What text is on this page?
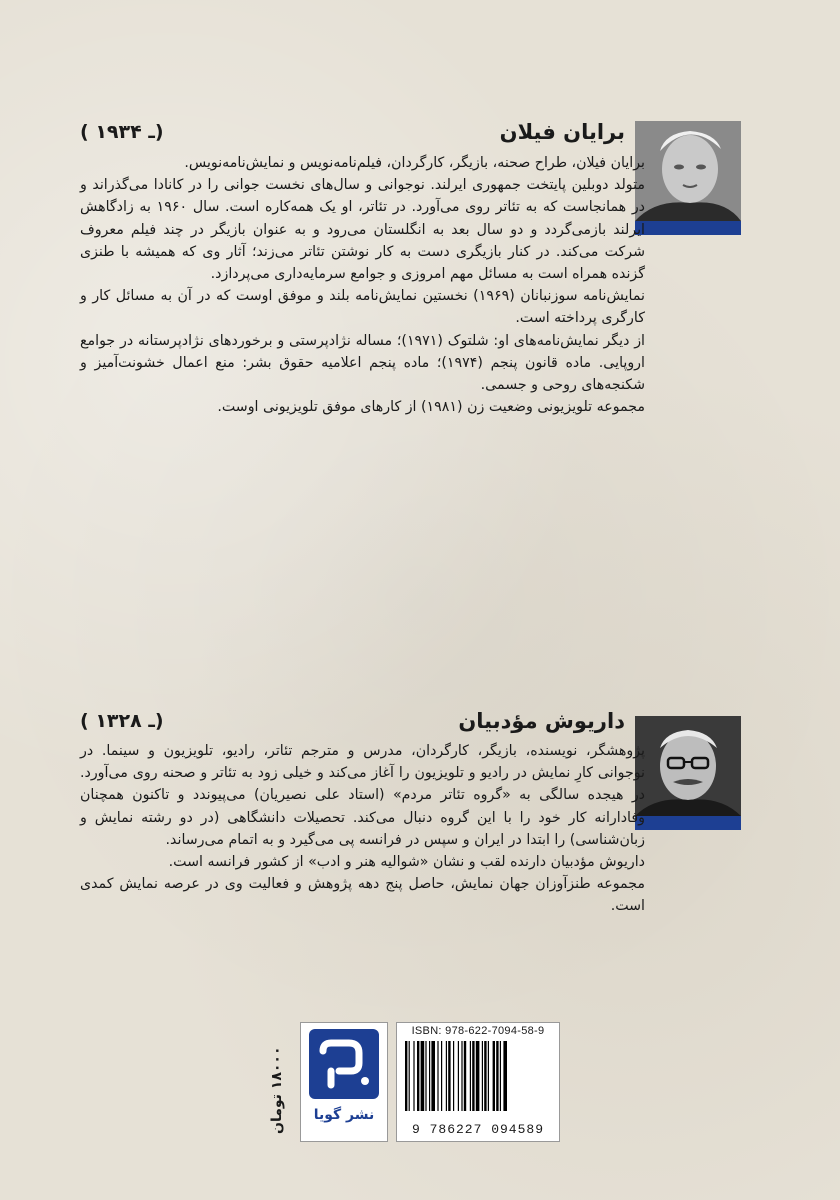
برایان فیلان
( ـ ۱۹۳۴)

برایان فیلان، طراح صحنه، بازیگر، کارگردان، فیلم‌نامه‌نویس و نمایش‌نامه‌نویس.

متولد دوبلین پایتخت جمهوری ایرلند. نوجوانی و سال‌های نخست جوانی را در کانادا می‌گذراند و در همانجاست که به تئاتر روی می‌آورد. در تئاتر، او یک همه‌کاره است. سال ۱۹۶۰ به زادگاهش ایرلند بازمی‌گردد و دو سال بعد به انگلستان می‌رود و به عنوان بازیگر در چند فیلم معروف شرکت می‌کند. در کنار بازیگری دست به کار نوشتن تئاتر می‌زند؛ آثار وی که همیشه با طنزی گزنده همراه است به مسائل مهم امروزی و جوامع سرمایه‌داری می‌پردازد.

نمایش‌نامه سوزنبانان (۱۹۶۹) نخستین نمایش‌نامه بلند و موفق اوست که در آن به مسائل کار و کارگری پرداخته است.

از دیگر نمایش‌نامه‌های او: شلتوک (۱۹۷۱)؛ مساله نژادپرستی و برخوردهای نژادپرستانه در جوامع اروپایی. ماده قانون پنجم (۱۹۷۴)؛ ماده پنجم اعلامیه حقوق بشر: منع اعمال خشونت‌آمیز و شکنجه‌های روحی و جسمی.

مجموعه تلویزیونی وضعیت زن (۱۹۸۱) از کارهای موفق تلویزیونی اوست.

داریوش مؤدبیان
( ـ ۱۳۲۸)

پژوهشگر، نویسنده، بازیگر، کارگردان، مدرس و مترجم تئاتر، رادیو، تلویزیون و سینما. در نوجوانی کارِ نمایش در رادیو و تلویزیون را آغاز می‌کند و خیلی زود به تئاتر و صحنه روی می‌آورد. در هیجده سالگی به «گروه تئاتر مردم» (استاد علی نصیریان) می‌پیوندد و تاکنون همچنان وفادارانه کار خود را با این گروه دنبال می‌کند. تحصیلات دانشگاهی (در دو رشته نمایش و زبان‌شناسی) را ابتدا در ایران و سپس در فرانسه پی می‌گیرد و به اتمام می‌رساند.

داریوش مؤدبیان دارنده لقب و نشان «شوالیه هنر و ادب» از کشور فرانسه است.

مجموعه طنزآوزان جهان نمایش، حاصل پنج دهه پژوهش و فعالیت وی در عرصه نمایش کمدی است.

۱۸۰۰۰ تومان
نشر گویا
ISBN: 978-622-7094-58-9
9 786227 094589
